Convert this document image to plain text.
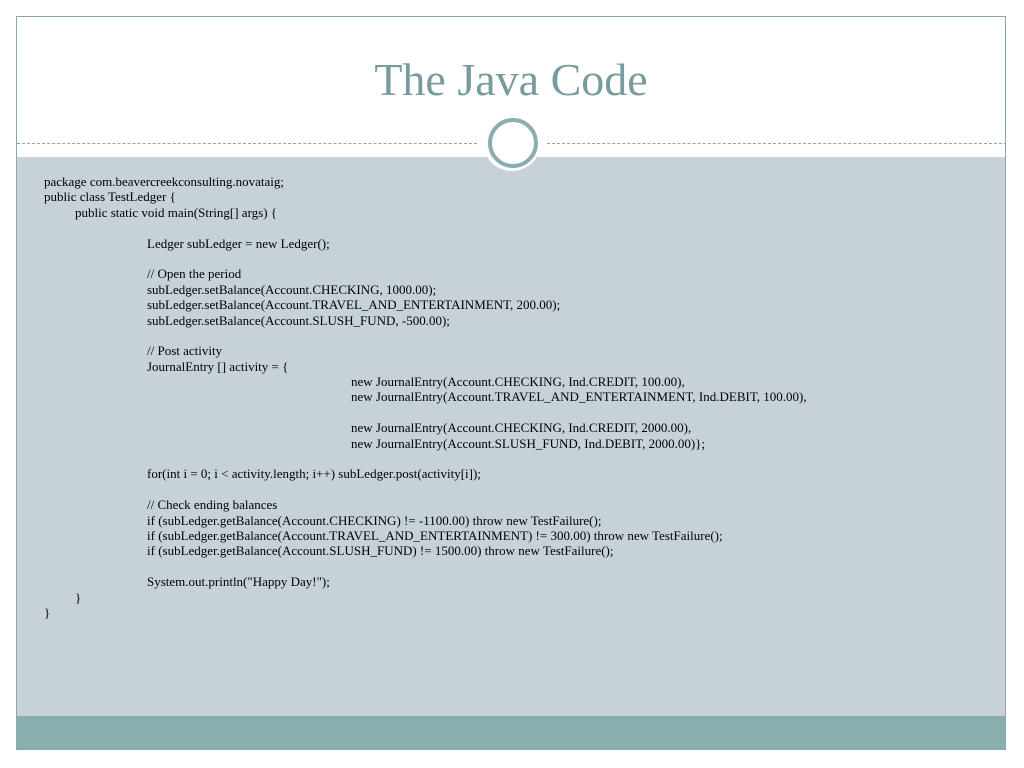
The Java Code
package com.beavercreekconsulting.novataig;
public class TestLedger {
public static void main(String[] args) {
Ledger subLedger = new Ledger();
// Open the period
subLedger.setBalance(Account.CHECKING, 1000.00);
subLedger.setBalance(Account.TRAVEL_AND_ENTERTAINMENT, 200.00);
subLedger.setBalance(Account.SLUSH_FUND, -500.00);
// Post activity
JournalEntry [] activity = {
new JournalEntry(Account.CHECKING, Ind.CREDIT, 100.00),
new JournalEntry(Account.TRAVEL_AND_ENTERTAINMENT, Ind.DEBIT, 100.00),
new JournalEntry(Account.CHECKING, Ind.CREDIT, 2000.00),
new JournalEntry(Account.SLUSH_FUND, Ind.DEBIT, 2000.00)};
for(int i = 0; i < activity.length; i++) subLedger.post(activity[i]);
// Check ending balances
if (subLedger.getBalance(Account.CHECKING) != -1100.00) throw new TestFailure();
if (subLedger.getBalance(Account.TRAVEL_AND_ENTERTAINMENT) != 300.00) throw new TestFailure();
if (subLedger.getBalance(Account.SLUSH_FUND) != 1500.00) throw new TestFailure();
System.out.println("Happy Day!");
}
}
